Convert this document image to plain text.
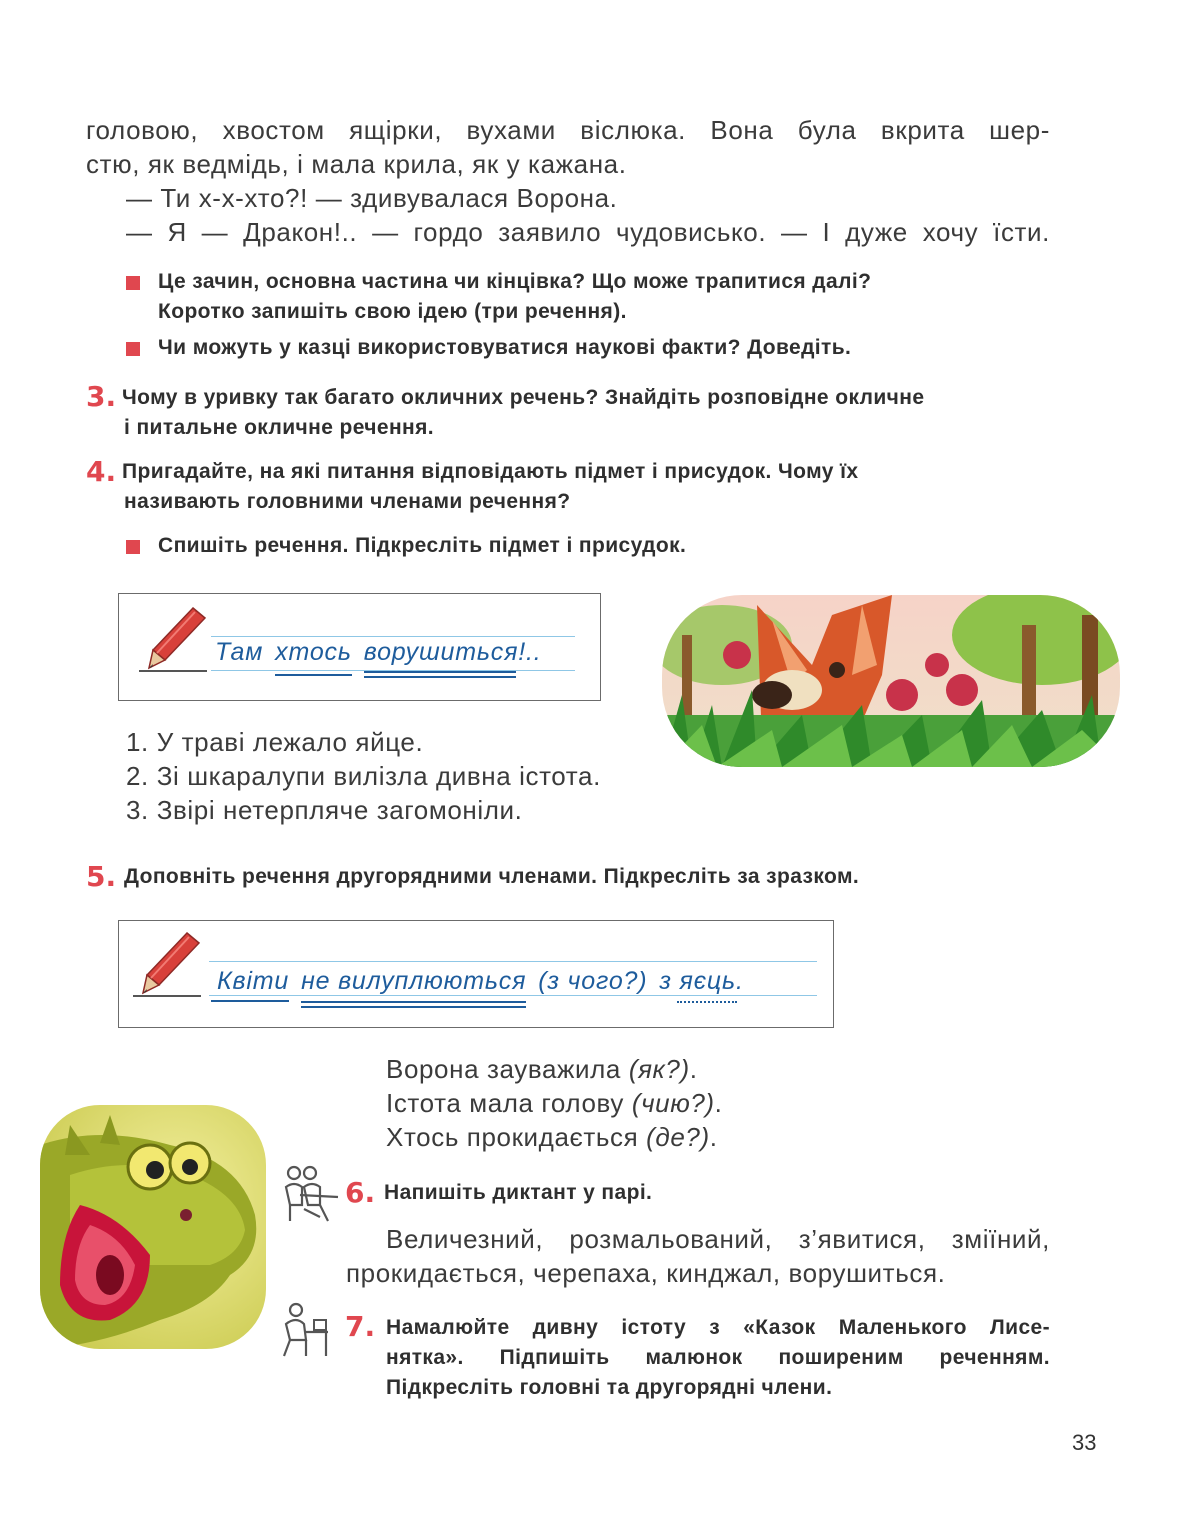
головою, хвостом ящірки, вухами віслюка. Вона була вкрита шер-
стю, як ведмідь, і мала крила, як у кажана.
— Ти х-х-хто?! — здивувалася Ворона.
— Я — Дракон!.. — гордо заявило чудовисько. — І дуже хочу їсти.
Це зачин, основна частина чи кінцівка? Що може трапитися далі?
Коротко запишіть свою ідею (три речення).
Чи можуть у казці використовуватися наукові факти? Доведіть.
3. Чому в уривку так багато окличних речень? Знайдіть розповідне окличне
і питальне окличне речення.
4. Пригадайте, на які питання відповідають підмет і присудок. Чому їх
називають головними членами речення?
Спишіть речення. Підкресліть підмет і присудок.
Там хтось ворушиться!..
1. У траві лежало яйце.
2. Зі шкаралупи вилізла дивна істота.
3. Звірі нетерпляче загомоніли.
5. Доповніть речення другорядними членами. Підкресліть за зразком.
Квіти не вилуплюються (з чого?) з яєць.
Ворона зауважила (як?).
Істота мала голову (чию?).
Хтось прокидається (де?).
6. Напишіть диктант у парі.
Величезний, розмальований, з’явитися, зміїний,
прокидається, черепаха, кинджал, ворушиться.
7. Намалюйте дивну істоту з «Казок Маленького Лисе-
нятка». Підпишіть малюнок поширеним реченням.
Підкресліть головні та другорядні члени.
33
